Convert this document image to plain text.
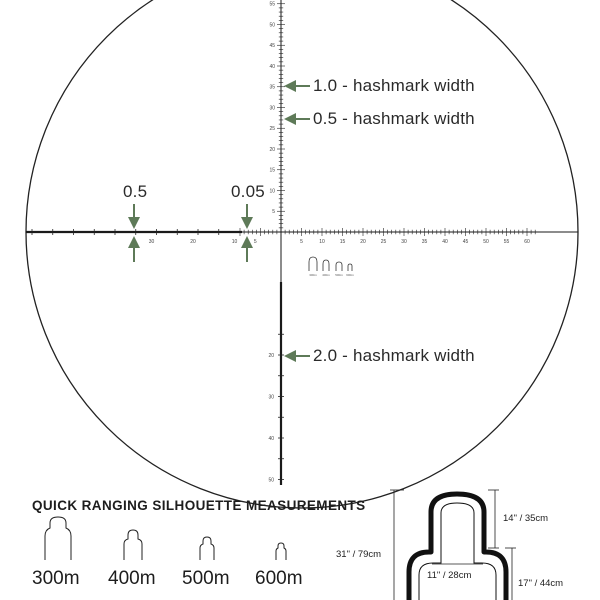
55
50
45
40
35
30
25
20
15
10
5
5	10	15	20	25	30	35	40	45	50	55	60
30	20	10	5
20
30
40
50
300m 400m 500m 600m
1.0 - hashmark width
0.5 - hashmark width
2.0 - hashmark width
0.5	0.05
QUICK RANGING SILHOUETTE MEASUREMENTS
300m 400m 500m 600m
14" / 35cm
31" / 79cm
11" / 28cm
17" / 44cm
